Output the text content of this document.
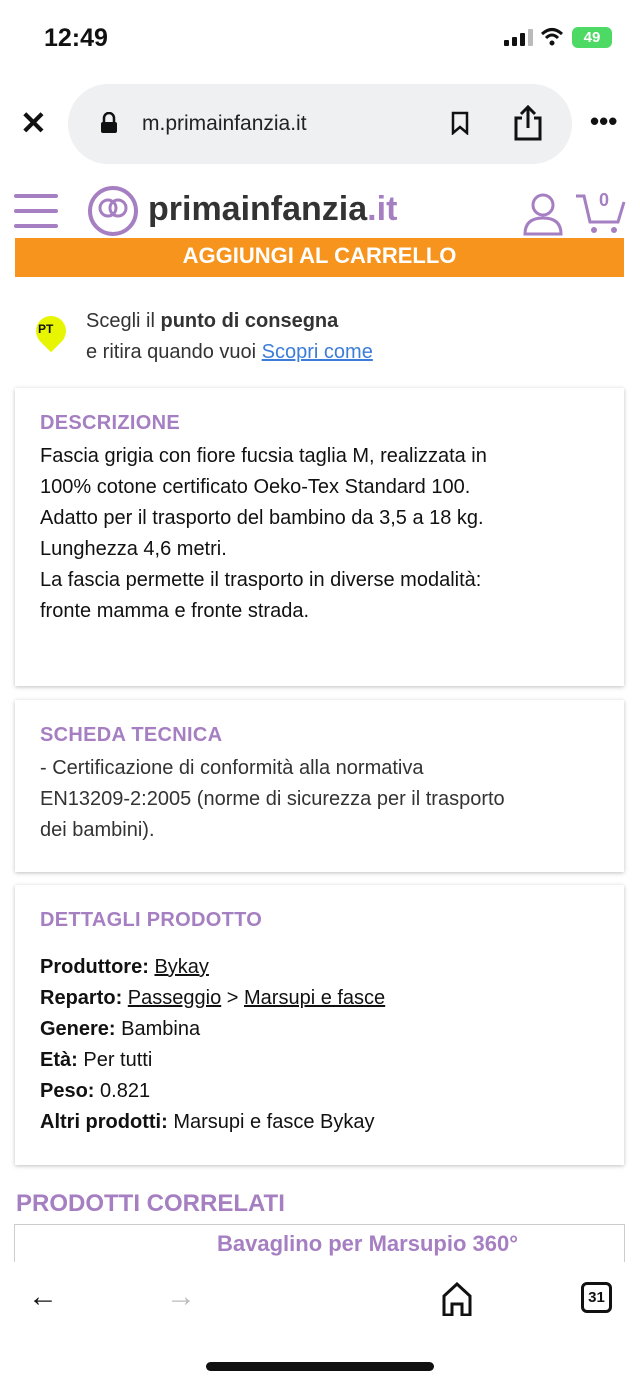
12:49	49
✕	m.primainfanzia.it	•••
AGGIUNGI AL CARRELLO
primainfanzia.it	0
PT Scegli il punto di consegna
e ritira quando vuoi Scopri come
DESCRIZIONE

Fascia grigia con fiore fucsia taglia M, realizzata in

100% cotone certificato Oeko-Tex Standard 100.

Adatto per il trasporto del bambino da 3,5 a 18 kg.

Lunghezza 4,6 metri.

La fascia permette il trasporto in diverse modalità:

fronte mamma e fronte strada.

SCHEDA TECNICA

- Certificazione di conformità alla normativa

EN13209-2:2005 (norme di sicurezza per il trasporto

dei bambini).

DETTAGLI PRODOTTO

Produttore: Bykay

Reparto: Passeggio > Marsupi e fasce

Genere: Bambina

Età: Per tutti

Peso: 0.821

Altri prodotti: Marsupi e fasce Bykay

PRODOTTI CORRELATI
Bavaglino per Marsupio 360°
←	→	31
